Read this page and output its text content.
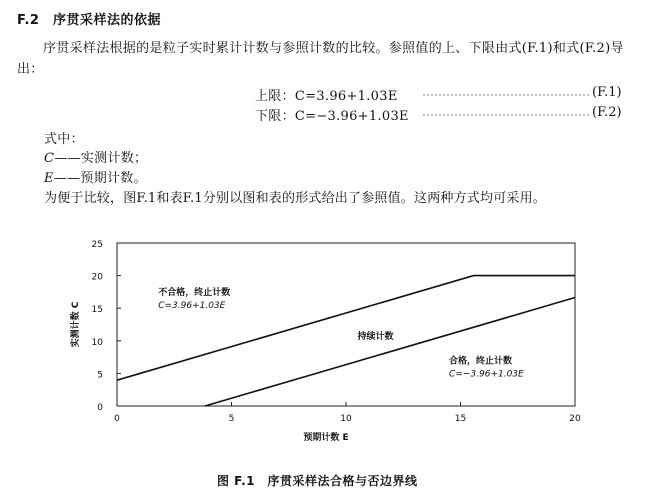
F.2　序贯采样法的依据
序贯采样法根据的是粒子实时累计计数与参照计数的比较。参照值的上、下限由式(F.1)和式(F.2)导出：
上限：C=3.96+1.03E	(F.1)
下限：C=−3.96+1.03E	(F.2)
式中：
C——实测计数；
E——预期计数。
为便于比较，图F.1和表F.1分别以图和表的形式给出了参照值。这两种方式均可采用。
0
5
10
15
20
25
0	5	10	15	20
不合格，终止计数
C=3.96+1.03E
持续计数
合格，终止计数
C=−3.96+1.03E
预期计数 E
实测计数 C
图 F.1　序贯采样法合格与否边界线
